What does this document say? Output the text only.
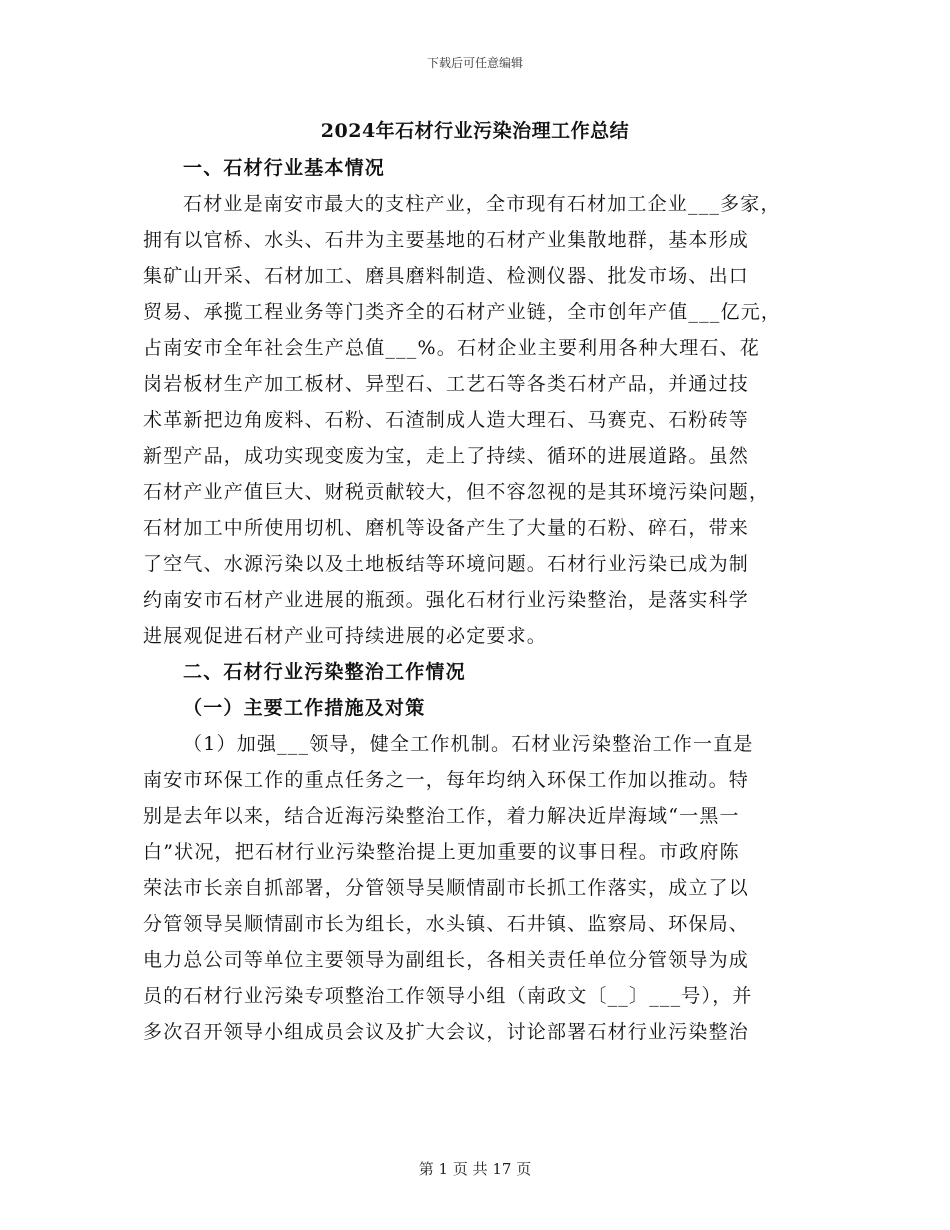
下载后可任意编辑
2024年石材行业污染治理工作总结
一、石材行业基本情况
石材业是南安市最大的支柱产业，全市现有石材加工企业___多家，
拥有以官桥、水头、石井为主要基地的石材产业集散地群，基本形成
集矿山开采、石材加工、磨具磨料制造、检测仪器、批发市场、出口
贸易、承揽工程业务等门类齐全的石材产业链，全市创年产值___亿元，
占南安市全年社会生产总值___%。石材企业主要利用各种大理石、花
岗岩板材生产加工板材、异型石、工艺石等各类石材产品，并通过技
术革新把边角废料、石粉、石渣制成人造大理石、马赛克、石粉砖等
新型产品，成功实现变废为宝，走上了持续、循环的进展道路。虽然
石材产业产值巨大、财税贡献较大，但不容忽视的是其环境污染问题，
石材加工中所使用切机、磨机等设备产生了大量的石粉、碎石，带来
了空气、水源污染以及土地板结等环境问题。石材行业污染已成为制
约南安市石材产业进展的瓶颈。强化石材行业污染整治，是落实科学
进展观促进石材产业可持续进展的必定要求。
二、石材行业污染整治工作情况
（一）主要工作措施及对策
（1）加强___领导，健全工作机制。石材业污染整治工作一直是
南安市环保工作的重点任务之一，每年均纳入环保工作加以推动。特
别是去年以来，结合近海污染整治工作，着力解决近岸海域“一黑一
白”状况，把石材行业污染整治提上更加重要的议事日程。市政府陈
荣法市长亲自抓部署，分管领导吴顺情副市长抓工作落实，成立了以
分管领导吴顺情副市长为组长，水头镇、石井镇、监察局、环保局、
电力总公司等单位主要领导为副组长，各相关责任单位分管领导为成
员的石材行业污染专项整治工作领导小组（南政文〔__〕___号），并
多次召开领导小组成员会议及扩大会议，讨论部署石材行业污染整治
第 1 页 共 17 页
